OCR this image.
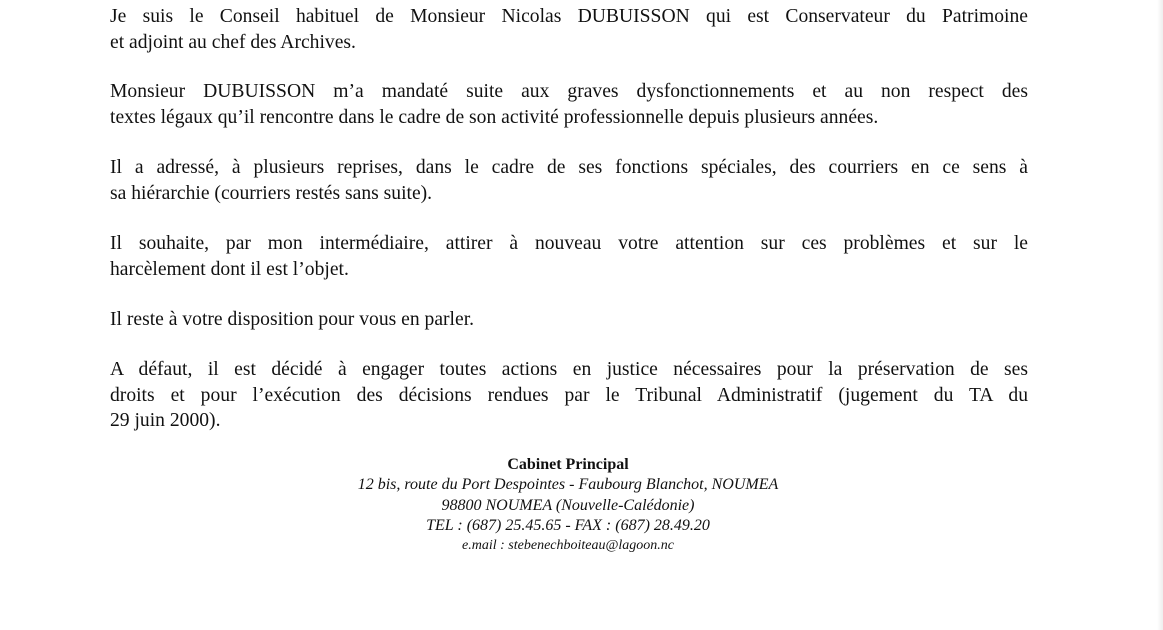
Je suis le Conseil habituel de Monsieur Nicolas DUBUISSON qui est Conservateur du Patrimoine
et adjoint au chef des Archives.

Monsieur DUBUISSON m’a mandaté suite aux graves dysfonctionnements et au non respect des
textes légaux qu’il rencontre dans le cadre de son activité professionnelle depuis plusieurs années.

Il a adressé, à plusieurs reprises, dans le cadre de ses fonctions spéciales, des courriers en ce sens à
sa hiérarchie (courriers restés sans suite).

Il souhaite, par mon intermédiaire, attirer à nouveau votre attention sur ces problèmes et sur le
harcèlement dont il est l’objet.

Il reste à votre disposition pour vous en parler.

A défaut, il est décidé à engager toutes actions en justice nécessaires pour la préservation de ses
droits et pour l’exécution des décisions rendues par le Tribunal Administratif (jugement du TA du
29 juin 2000).

Cabinet Principal
12 bis, route du Port Despointes - Faubourg Blanchot, NOUMEA
98800 NOUMEA (Nouvelle-Calédonie)
TEL : (687) 25.45.65 - FAX : (687) 28.49.20
e.mail : stebenechboiteau@lagoon.nc
